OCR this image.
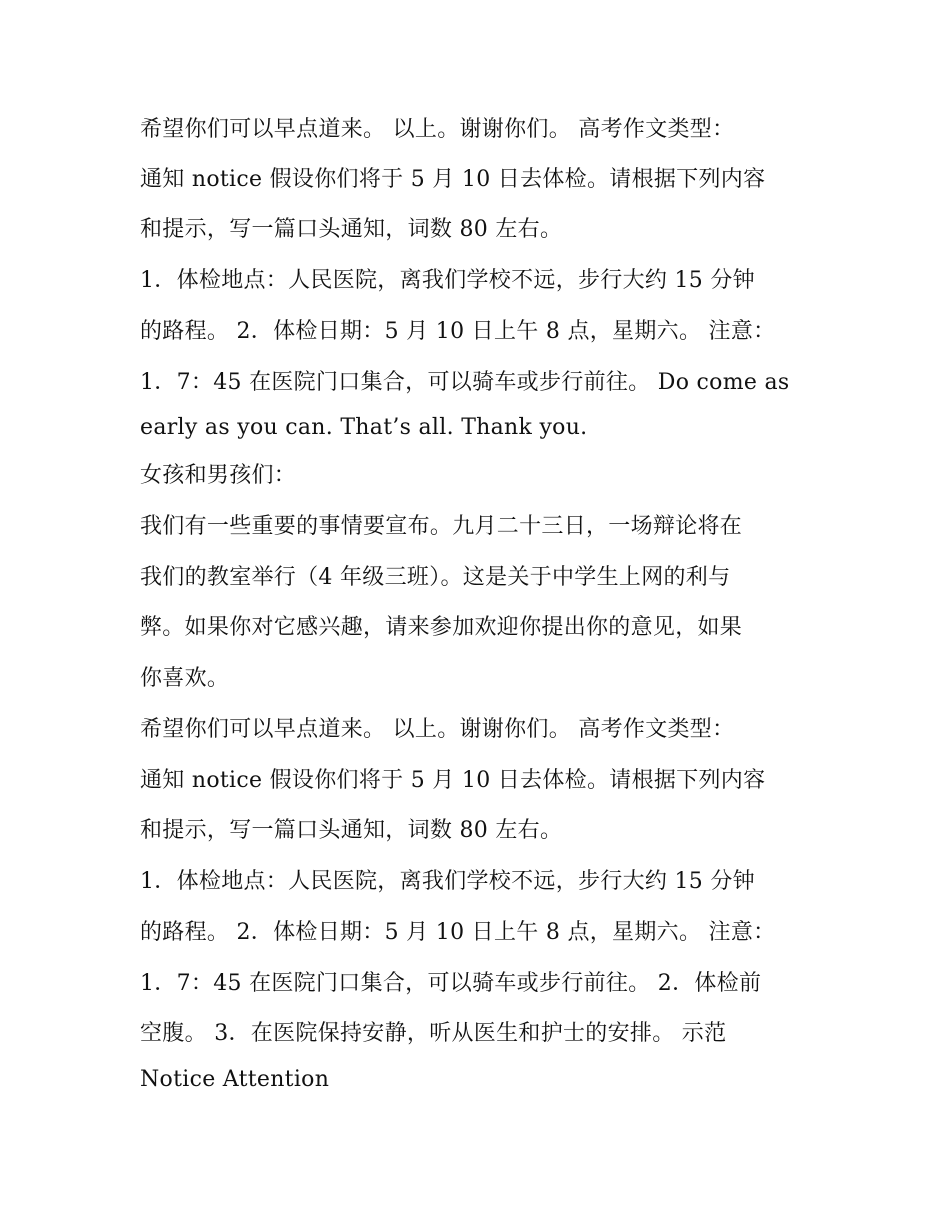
希望你们可以早点道来。 以上。谢谢你们。 高考作文类型：
通知 notice 假设你们将于 5 月 10 日去体检。请根据下列内容
和提示，写一篇口头通知，词数 80 左右。
1．体检地点：人民医院，离我们学校不远，步行大约 15 分钟
的路程。 2．体检日期：5 月 10 日上午 8 点，星期六。 注意：
1．7：45 在医院门口集合，可以骑车或步行前往。 Do come as
early as you can. That’s all. Thank you.
女孩和男孩们：
我们有一些重要的事情要宣布。九月二十三日，一场辩论将在
我们的教室举行（4 年级三班）。这是关于中学生上网的利与
弊。如果你对它感兴趣，请来参加欢迎你提出你的意见，如果
你喜欢。
希望你们可以早点道来。 以上。谢谢你们。 高考作文类型：
通知 notice 假设你们将于 5 月 10 日去体检。请根据下列内容
和提示，写一篇口头通知，词数 80 左右。
1．体检地点：人民医院，离我们学校不远，步行大约 15 分钟
的路程。 2．体检日期：5 月 10 日上午 8 点，星期六。 注意：
1．7：45 在医院门口集合，可以骑车或步行前往。 2．体检前
空腹。 3．在医院保持安静，听从医生和护士的安排。 示范
Notice Attention
